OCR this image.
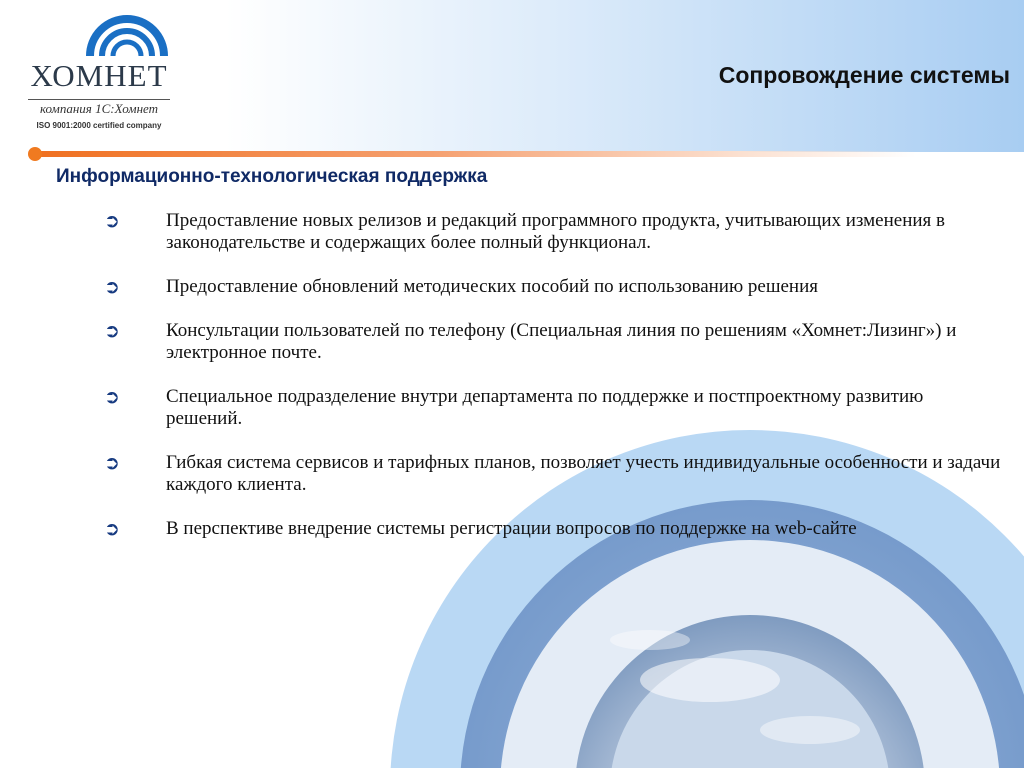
ХОМНЕТ
компания 1С:Хомнет
ISO 9001:2000 certified company
Сопровождение системы
Информационно-технологическая поддержка
➲ Предоставление новых релизов и редакций программного продукта, учитывающих изменения в законодательстве и содержащих более полный функционал.
➲ Предоставление обновлений методических пособий по использованию решения
➲ Консультации пользователей по телефону (Специальная линия по решениям «Хомнет:Лизинг») и электронное почте.
➲ Специальное подразделение внутри департамента по поддержке и постпроектному развитию решений.
➲ Гибкая система сервисов и тарифных планов, позволяет учесть индивидуальные особенности и задачи каждого клиента.
➲ В перспективе внедрение системы регистрации вопросов по поддержке на web-сайте
